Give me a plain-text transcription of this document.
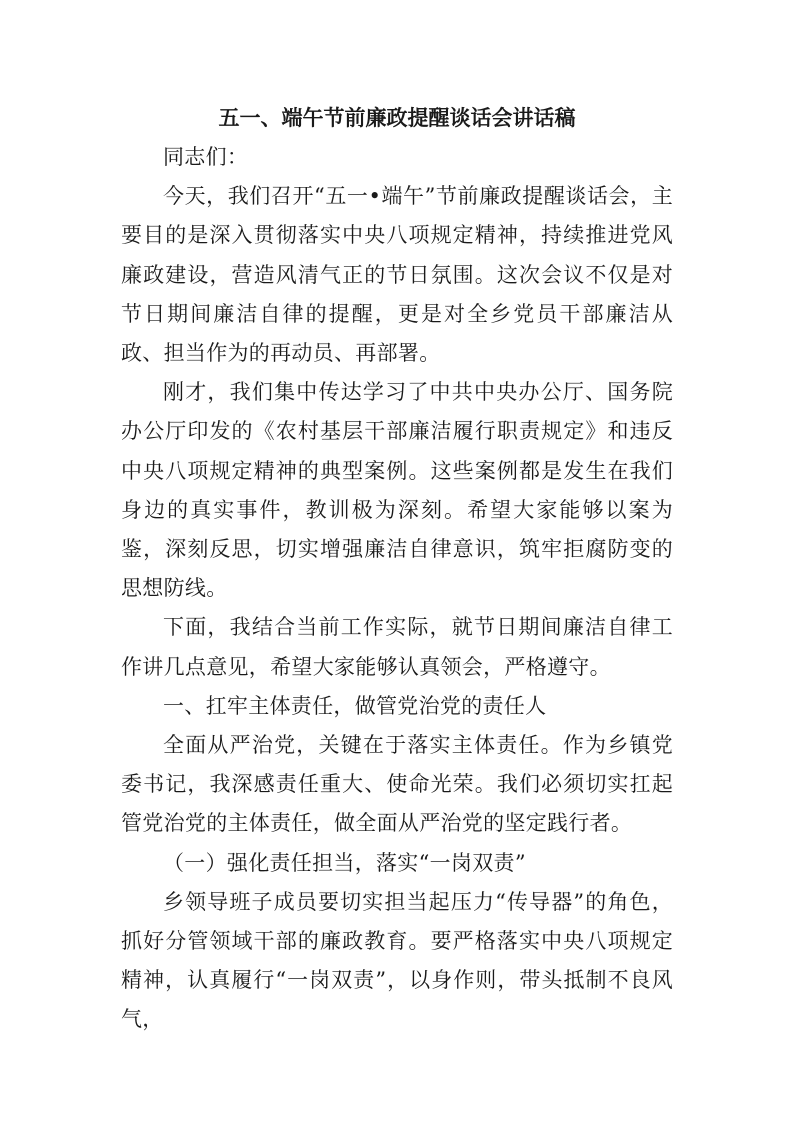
五一、端午节前廉政提醒谈话会讲话稿

同志们：

今天，我们召开“五一•端午”节前廉政提醒谈话会，主要目的是深入贯彻落实中央八项规定精神，持续推进党风廉政建设，营造风清气正的节日氛围。这次会议不仅是对节日期间廉洁自律的提醒，更是对全乡党员干部廉洁从政、担当作为的再动员、再部署。

刚才，我们集中传达学习了中共中央办公厅、国务院办公厅印发的《农村基层干部廉洁履行职责规定》和违反中央八项规定精神的典型案例。这些案例都是发生在我们身边的真实事件，教训极为深刻。希望大家能够以案为鉴，深刻反思，切实增强廉洁自律意识，筑牢拒腐防变的思想防线。

下面，我结合当前工作实际，就节日期间廉洁自律工作讲几点意见，希望大家能够认真领会，严格遵守。

一、扛牢主体责任，做管党治党的责任人

全面从严治党，关键在于落实主体责任。作为乡镇党委书记，我深感责任重大、使命光荣。我们必须切实扛起管党治党的主体责任，做全面从严治党的坚定践行者。

（一）强化责任担当，落实“一岗双责”

乡领导班子成员要切实担当起压力“传导器”的角色，抓好分管领域干部的廉政教育。要严格落实中央八项规定精神，认真履行“一岗双责”，以身作则，带头抵制不良风气，
